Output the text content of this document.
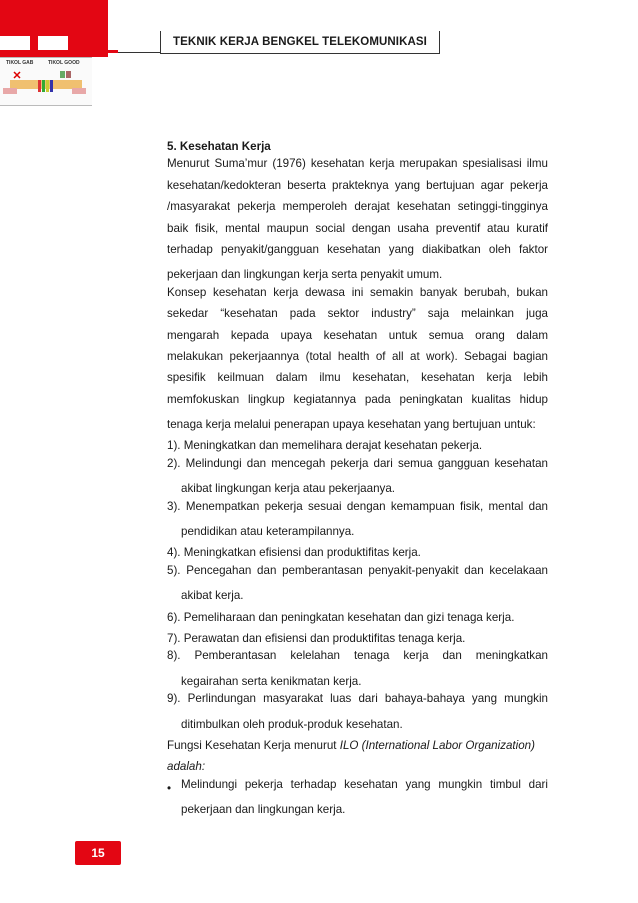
TEKNIK KERJA BENGKEL TELEKOMUNIKASI
TIKOL GAB	TIKOL GOOD
5. Kesehatan Kerja
Menurut Suma’mur (1976) kesehatan kerja merupakan spesialisasi ilmu
kesehatan/kedokteran beserta prakteknya yang bertujuan agar pekerja
/masyarakat pekerja memperoleh derajat kesehatan setinggi-tingginya
baik fisik, mental maupun social dengan usaha preventif atau kuratif
terhadap penyakit/gangguan kesehatan yang diakibatkan oleh faktor
pekerjaan dan lingkungan kerja serta penyakit umum.
Konsep kesehatan kerja dewasa ini semakin banyak berubah, bukan
sekedar “kesehatan pada sektor industry” saja melainkan juga
mengarah kepada upaya kesehatan untuk semua orang dalam
melakukan pekerjaannya (total health of all at work). Sebagai bagian
spesifik keilmuan dalam ilmu kesehatan, kesehatan kerja lebih
memfokuskan lingkup kegiatannya pada peningkatan kualitas hidup
tenaga kerja melalui penerapan upaya kesehatan yang bertujuan untuk:
1). Meningkatkan dan memelihara derajat kesehatan pekerja.
2). Melindungi dan mencegah pekerja dari semua gangguan kesehatan
akibat lingkungan kerja atau pekerjaanya.
3). Menempatkan pekerja sesuai dengan kemampuan fisik, mental dan
pendidikan atau keterampilannya.
4). Meningkatkan efisiensi dan produktifitas kerja.
5). Pencegahan dan pemberantasan penyakit-penyakit dan kecelakaan
akibat kerja.
6). Pemeliharaan dan peningkatan kesehatan dan gizi tenaga kerja.
7). Perawatan dan efisiensi dan produktifitas tenaga kerja.
8). Pemberantasan kelelahan tenaga kerja dan meningkatkan
kegairahan serta kenikmatan kerja.
9). Perlindungan masyarakat luas dari bahaya-bahaya yang mungkin
ditimbulkan oleh produk-produk kesehatan.
Fungsi Kesehatan Kerja menurut ILO (International Labor Organization)
adalah:
• Melindungi pekerja terhadap kesehatan yang mungkin timbul dari
pekerjaan dan lingkungan kerja.
15
